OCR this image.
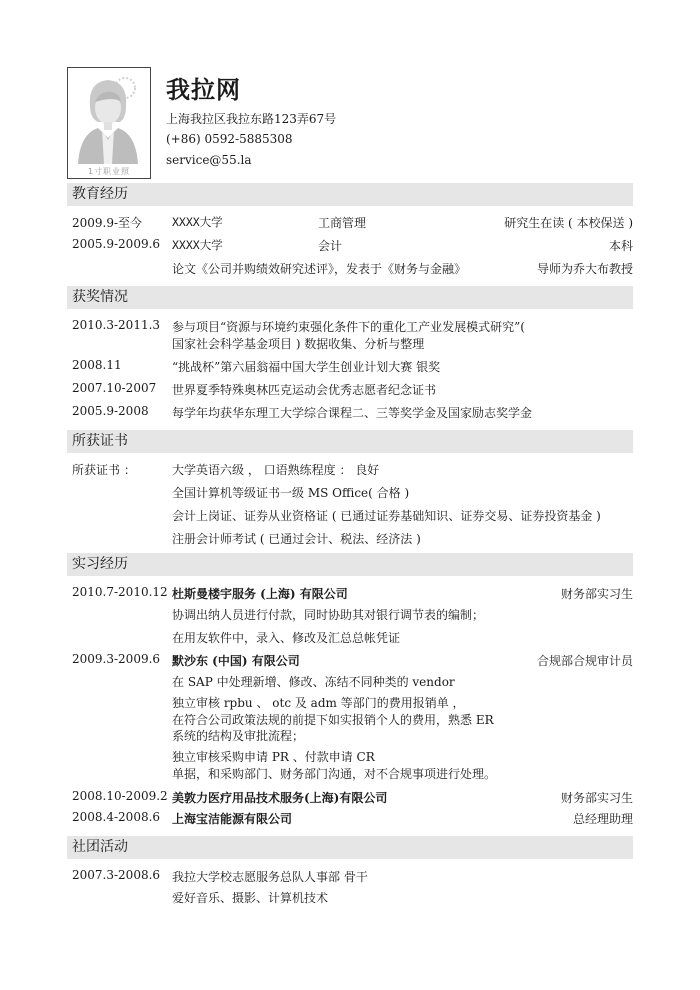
1寸职业照
我拉网
上海我拉区我拉东路123弄67号
(+86) 0592-5885308
service@55.la
教育经历
2009.9-至今	XXXX大学	工商管理	研究生在读 ( 本校保送 )
2005.9-2009.6 XXXX大学	会计	本科
论文《公司并购绩效研究述评》，发表于《财务与金融》	导师为乔大布教授
获奖情况
2010.3-2011.3 参与项目“资源与环境约束强化条件下的重化工产业发展模式研究”(
国家社会科学基金项目 ) 数据收集、分析与整理
2008.11	“挑战杯”第六届翁福中国大学生创业计划大赛 银奖
2007.10-2007 世界夏季特殊奥林匹克运动会优秀志愿者纪念证书
2005.9-2008 每学年均获华东理工大学综合课程二、三等奖学金及国家励志奖学金
所获证书
所获证书 ：	大学英语六级 ， 口语熟练程度 ： 良好
全国计算机等级证书一级 MS Office( 合格 )
会计上岗证、证券从业资格证 ( 已通过证券基础知识、证券交易、证券投资基金 )
注册会计师考试 ( 已通过会计、税法、经济法 )
实习经历
2010.7-2010.12 杜斯曼楼宇服务 (上海) 有限公司	财务部实习生
协调出纳人员进行付款，同时协助其对银行调节表的编制；
在用友软件中，录入、修改及汇总总帐凭证
2009.3-2009.6 默沙东 (中国) 有限公司	合规部合规审计员
在 SAP 中处理新增、修改、冻结不同种类的 vendor
独立审核 rpbu 、 otc 及 adm 等部门的费用报销单 ，
在符合公司政策法规的前提下如实报销个人的费用，熟悉 ER
系统的结构及审批流程；
独立审核采购申请 PR 、付款申请 CR
单据，和采购部门、财务部门沟通，对不合规事项进行处理。
2008.10-2009.2 美敦力医疗用品技术服务(上海)有限公司	财务部实习生
2008.4-2008.6 上海宝洁能源有限公司	总经理助理
社团活动
2007.3-2008.6 我拉大学校志愿服务总队人事部 骨干
爱好音乐、摄影、计算机技术
